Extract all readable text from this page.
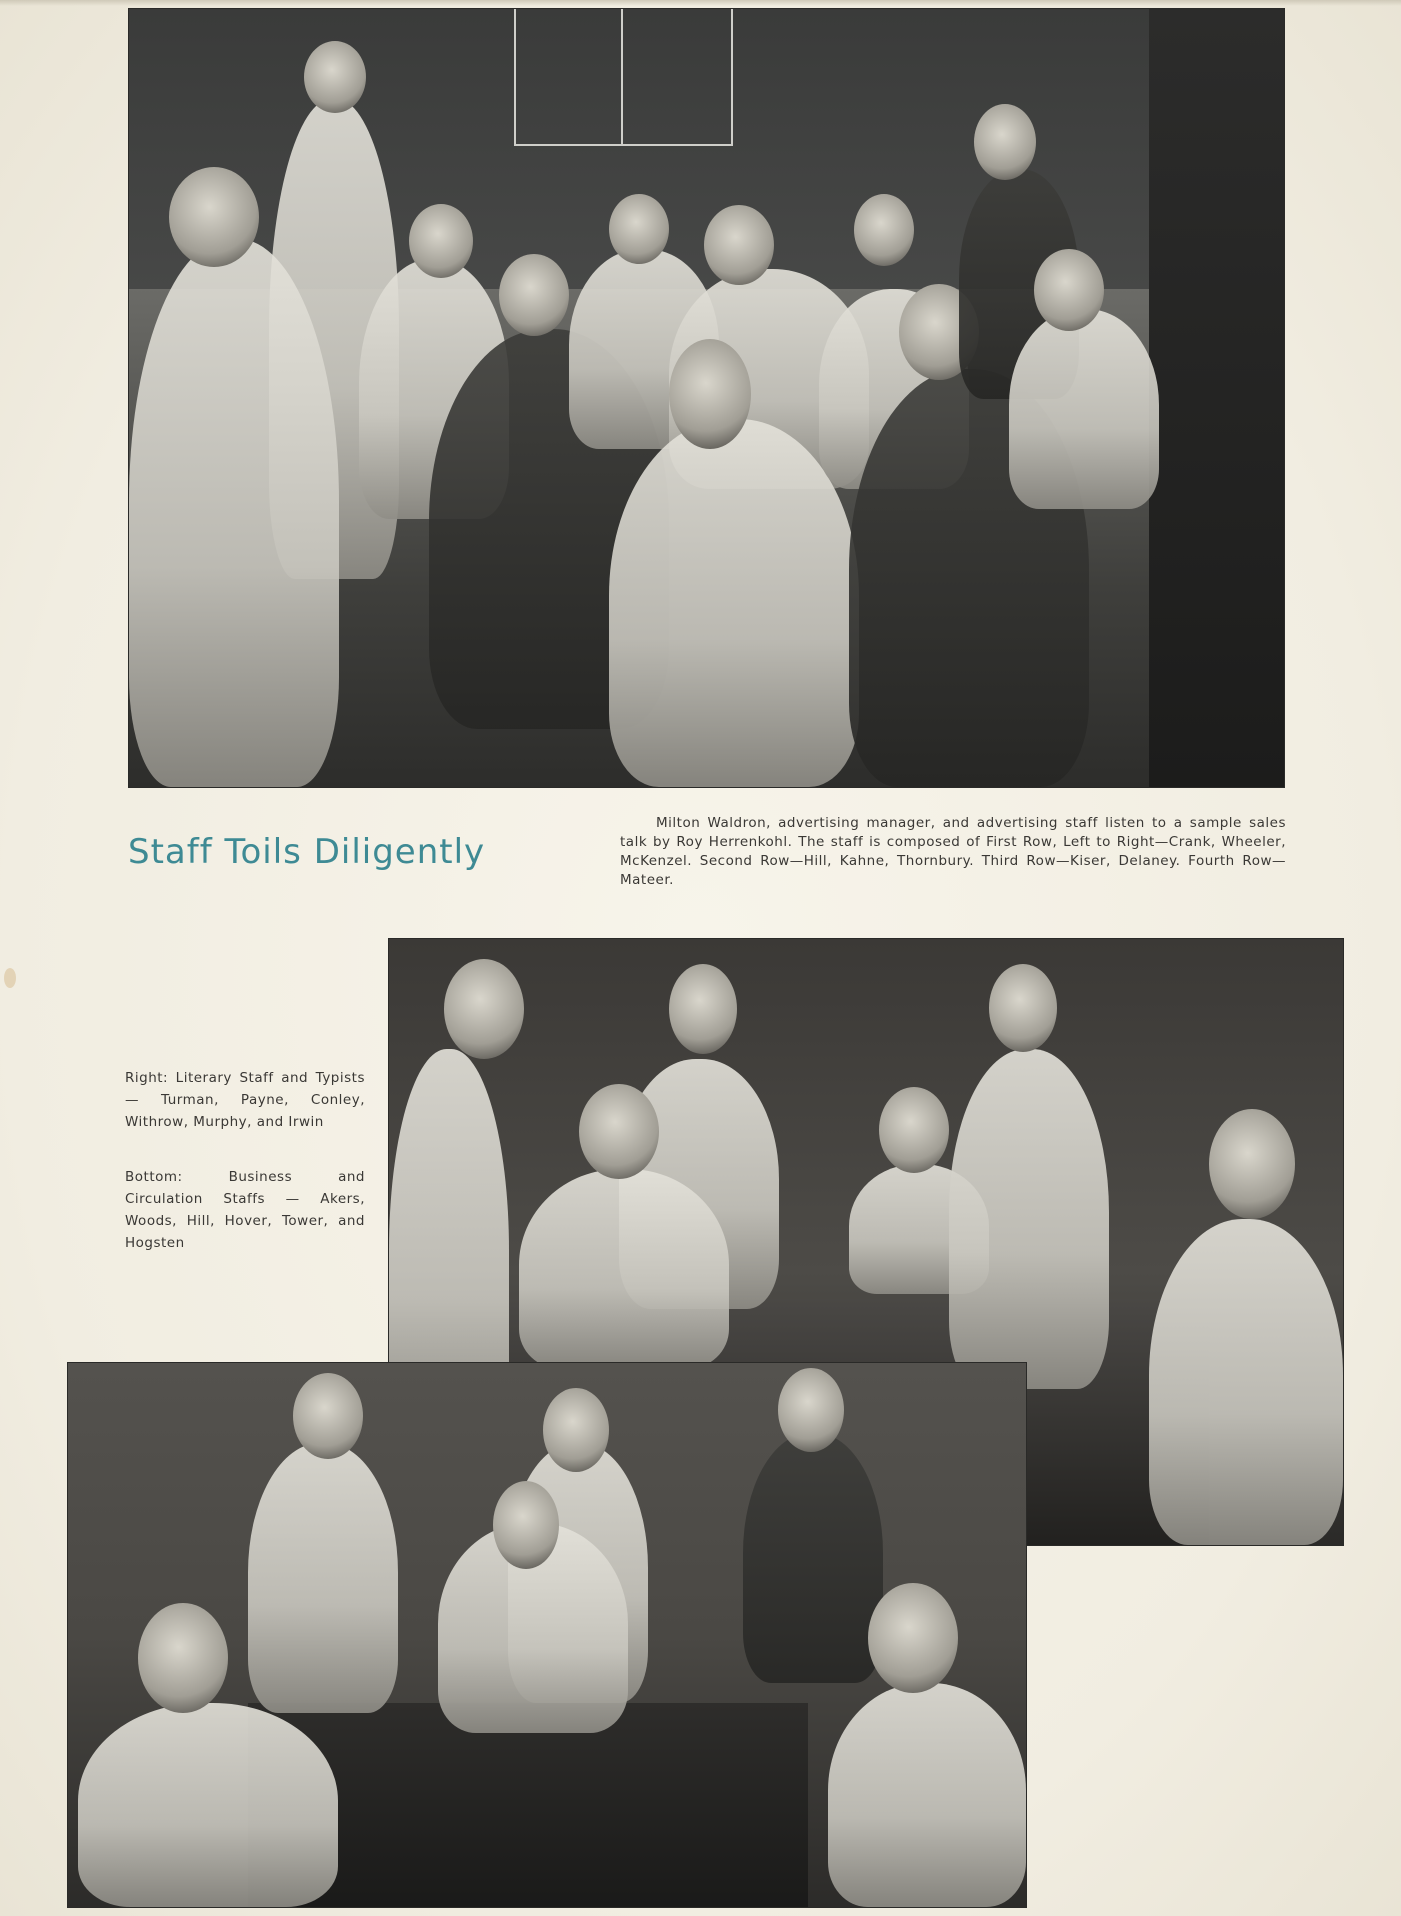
Staff Toils Diligently

Milton Waldron, advertising manager, and advertising staff listen to a sample sales talk by Roy Herrenkohl. The staff is composed of First Row, Left to Right—Crank, Wheeler, McKenzel. Second Row—Hill, Kahne, Thornbury. Third Row—Kiser, Delaney. Fourth Row—Mateer.

Right: Literary Staff and Typists — Turman, Payne, Conley, Withrow, Murphy, and Irwin

Bottom: Business and Circulation Staffs — Akers, Woods, Hill, Hover, Tower, and Hogsten
